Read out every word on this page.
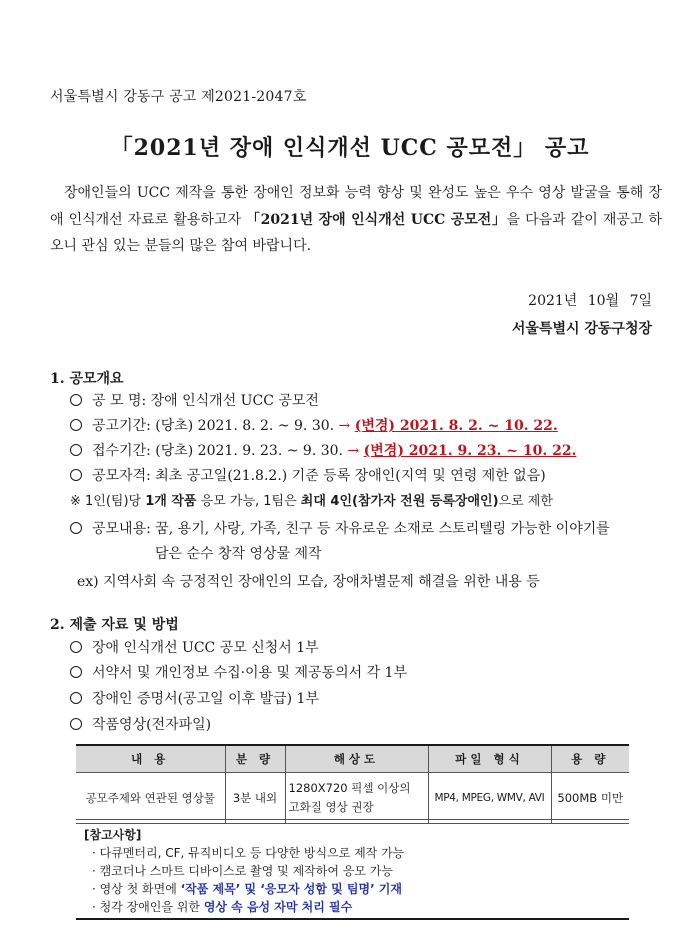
서울특별시 강동구 공고 제2021-2047호
「2021년 장애 인식개선 UCC 공모전」 공고
장애인들의 UCC 제작을 통한 장애인 정보화 능력 향상 및 완성도 높은 우수 영상 발굴을 통해 장애 인식개선 자료로 활용하고자 「2021년 장애 인식개선 UCC 공모전」을 다음과 같이 재공고 하오니 관심 있는 분들의 많은 참여 바랍니다.
2021년 10월 7일
서울특별시 강동구청장
1. 공모개요
공 모 명: 장애 인식개선 UCC 공모전
공고기간: (당초) 2021. 8. 2. ~ 9. 30. → (변경) 2021. 8. 2. ~ 10. 22.
접수기간: (당초) 2021. 9. 23. ~ 9. 30. → (변경) 2021. 9. 23. ~ 10. 22.
공모자격: 최초 공고일(21.8.2.) 기준 등록 장애인(지역 및 연령 제한 없음)
※ 1인(팀)당 1개 작품 응모 가능, 1팀은 최대 4인(참가자 전원 등록장애인)으로 제한
공모내용: 꿈, 용기, 사랑, 가족, 친구 등 자유로운 소재로 스토리텔링 가능한 이야기를
담은 순수 창작 영상물 제작
ex) 지역사회 속 긍정적인 장애인의 모습, 장애차별문제 해결을 위한 내용 등
2. 제출 자료 및 방법
장애 인식개선 UCC 공모 신청서 1부
서약서 및 개인정보 수집·이용 및 제공동의서 각 1부
장애인 증명서(공고일 이후 발급) 1부
작품영상(전자파일)
내 용	분 량	해상도	파일 형식	용 량
공모주제와 연관된 영상물	3분 내외	1280X720 픽셀 이상의 고화질 영상 권장	MP4, MPEG, WMV, AVI	500MB 미만
[참고사항]
· 다큐멘터리, CF, 뮤직비디오 등 다양한 방식으로 제작 가능
· 캠코더나 스마트 디바이스로 촬영 및 제작하여 응모 가능
· 영상 첫 화면에 ‘작품 제목’ 및 ‘응모자 성함 및 팀명’ 기재
· 청각 장애인을 위한 영상 속 음성 자막 처리 필수
